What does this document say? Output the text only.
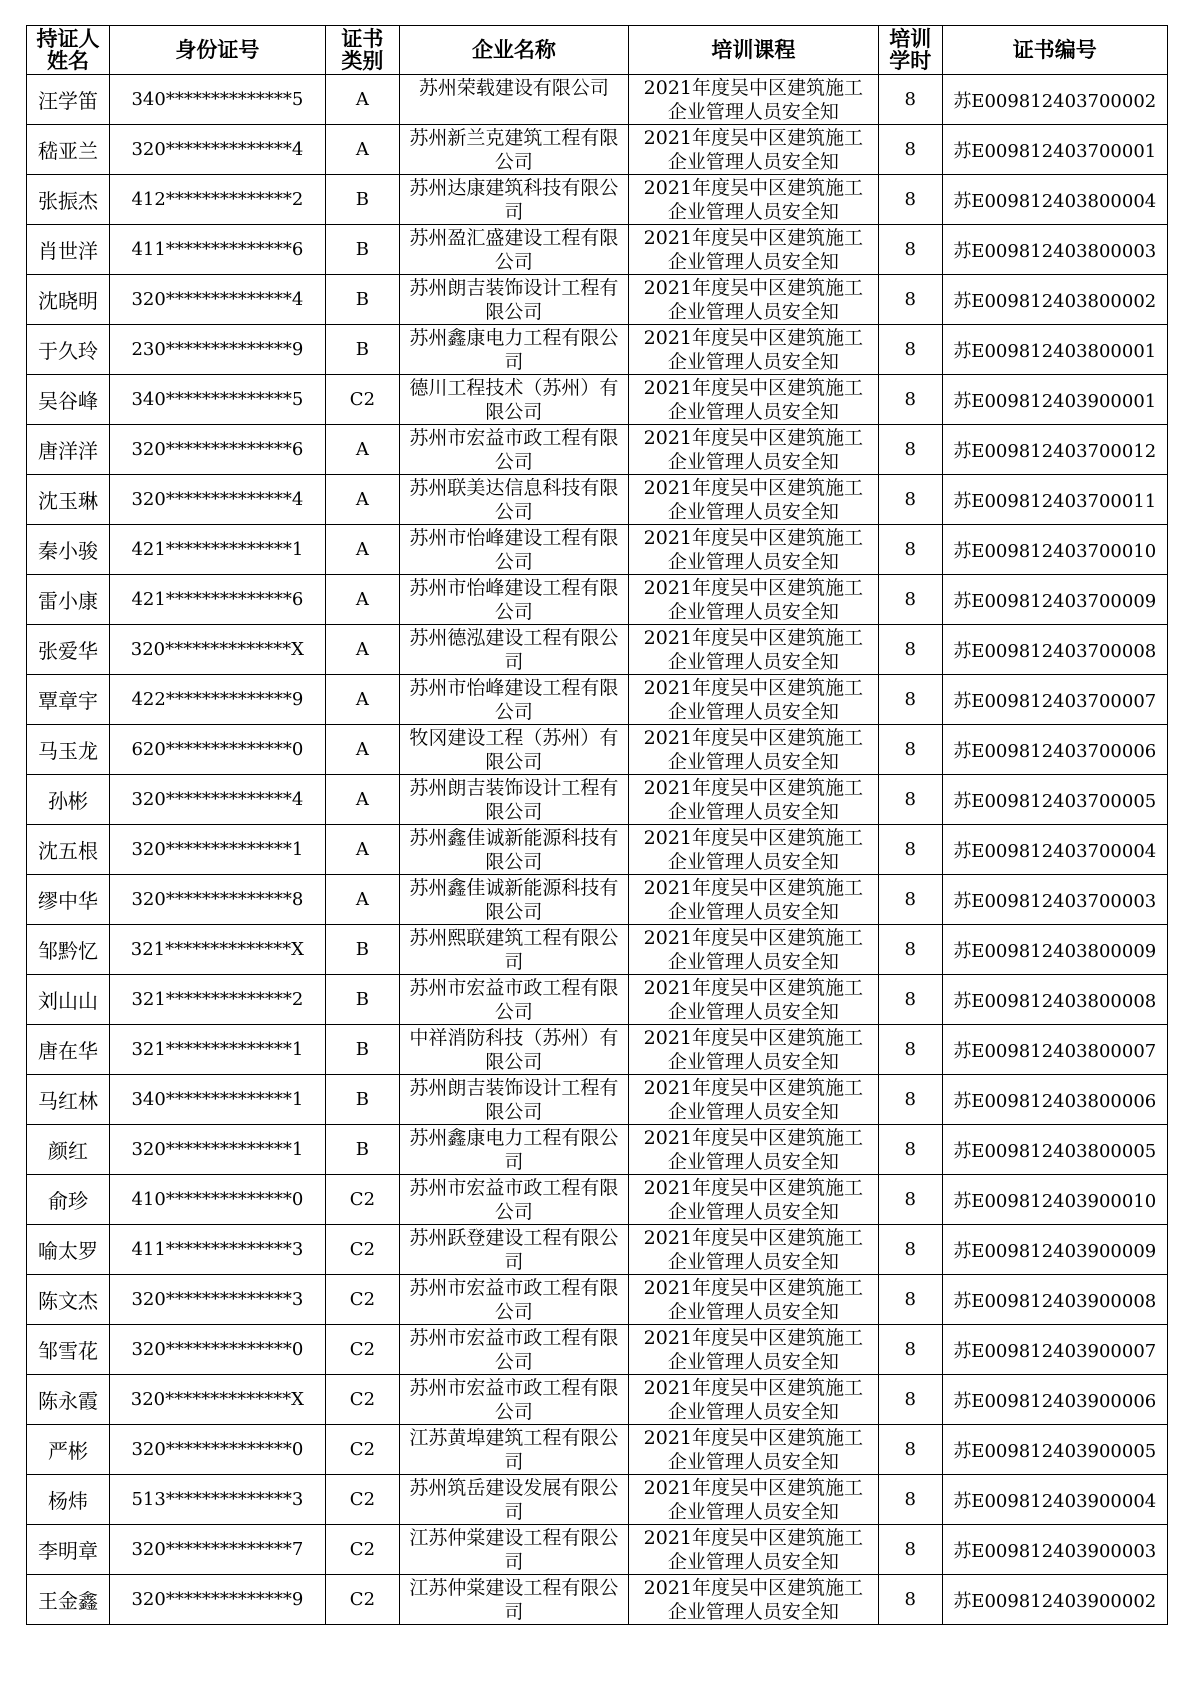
持证人姓名	身份证号	证书类别	企业名称	培训课程	培训学时	证书编号
汪学笛	340**************5	A	苏州荣载建设有限公司	2021年度吴中区建筑施工企业管理人员安全知	8	苏E009812403700002
嵇亚兰	320**************4	A	苏州新兰克建筑工程有限公司	2021年度吴中区建筑施工企业管理人员安全知	8	苏E009812403700001
张振杰	412**************2	B	苏州达康建筑科技有限公司	2021年度吴中区建筑施工企业管理人员安全知	8	苏E009812403800004
肖世洋	411**************6	B	苏州盈汇盛建设工程有限公司	2021年度吴中区建筑施工企业管理人员安全知	8	苏E009812403800003
沈晓明	320**************4	B	苏州朗吉装饰设计工程有限公司	2021年度吴中区建筑施工企业管理人员安全知	8	苏E009812403800002
于久玲	230**************9	B	苏州鑫康电力工程有限公司	2021年度吴中区建筑施工企业管理人员安全知	8	苏E009812403800001
吴谷峰	340**************5	C2	德川工程技术（苏州）有限公司	2021年度吴中区建筑施工企业管理人员安全知	8	苏E009812403900001
唐洋洋	320**************6	A	苏州市宏益市政工程有限公司	2021年度吴中区建筑施工企业管理人员安全知	8	苏E009812403700012
沈玉琳	320**************4	A	苏州联美达信息科技有限公司	2021年度吴中区建筑施工企业管理人员安全知	8	苏E009812403700011
秦小骏	421**************1	A	苏州市怡峰建设工程有限公司	2021年度吴中区建筑施工企业管理人员安全知	8	苏E009812403700010
雷小康	421**************6	A	苏州市怡峰建设工程有限公司	2021年度吴中区建筑施工企业管理人员安全知	8	苏E009812403700009
张爱华	320**************X	A	苏州德泓建设工程有限公司	2021年度吴中区建筑施工企业管理人员安全知	8	苏E009812403700008
覃章宇	422**************9	A	苏州市怡峰建设工程有限公司	2021年度吴中区建筑施工企业管理人员安全知	8	苏E009812403700007
马玉龙	620**************0	A	牧冈建设工程（苏州）有限公司	2021年度吴中区建筑施工企业管理人员安全知	8	苏E009812403700006
孙彬	320**************4	A	苏州朗吉装饰设计工程有限公司	2021年度吴中区建筑施工企业管理人员安全知	8	苏E009812403700005
沈五根	320**************1	A	苏州鑫佳诚新能源科技有限公司	2021年度吴中区建筑施工企业管理人员安全知	8	苏E009812403700004
缪中华	320**************8	A	苏州鑫佳诚新能源科技有限公司	2021年度吴中区建筑施工企业管理人员安全知	8	苏E009812403700003
邹黔忆	321**************X	B	苏州熙联建筑工程有限公司	2021年度吴中区建筑施工企业管理人员安全知	8	苏E009812403800009
刘山山	321**************2	B	苏州市宏益市政工程有限公司	2021年度吴中区建筑施工企业管理人员安全知	8	苏E009812403800008
唐在华	321**************1	B	中祥消防科技（苏州）有限公司	2021年度吴中区建筑施工企业管理人员安全知	8	苏E009812403800007
马红林	340**************1	B	苏州朗吉装饰设计工程有限公司	2021年度吴中区建筑施工企业管理人员安全知	8	苏E009812403800006
颜红	320**************1	B	苏州鑫康电力工程有限公司	2021年度吴中区建筑施工企业管理人员安全知	8	苏E009812403800005
俞珍	410**************0	C2	苏州市宏益市政工程有限公司	2021年度吴中区建筑施工企业管理人员安全知	8	苏E009812403900010
喻太罗	411**************3	C2	苏州跃登建设工程有限公司	2021年度吴中区建筑施工企业管理人员安全知	8	苏E009812403900009
陈文杰	320**************3	C2	苏州市宏益市政工程有限公司	2021年度吴中区建筑施工企业管理人员安全知	8	苏E009812403900008
邹雪花	320**************0	C2	苏州市宏益市政工程有限公司	2021年度吴中区建筑施工企业管理人员安全知	8	苏E009812403900007
陈永霞	320**************X	C2	苏州市宏益市政工程有限公司	2021年度吴中区建筑施工企业管理人员安全知	8	苏E009812403900006
严彬	320**************0	C2	江苏黄埠建筑工程有限公司	2021年度吴中区建筑施工企业管理人员安全知	8	苏E009812403900005
杨炜	513**************3	C2	苏州筑岳建设发展有限公司	2021年度吴中区建筑施工企业管理人员安全知	8	苏E009812403900004
李明章	320**************7	C2	江苏仲棠建设工程有限公司	2021年度吴中区建筑施工企业管理人员安全知	8	苏E009812403900003
王金鑫	320**************9	C2	江苏仲棠建设工程有限公司	2021年度吴中区建筑施工企业管理人员安全知	8	苏E009812403900002
